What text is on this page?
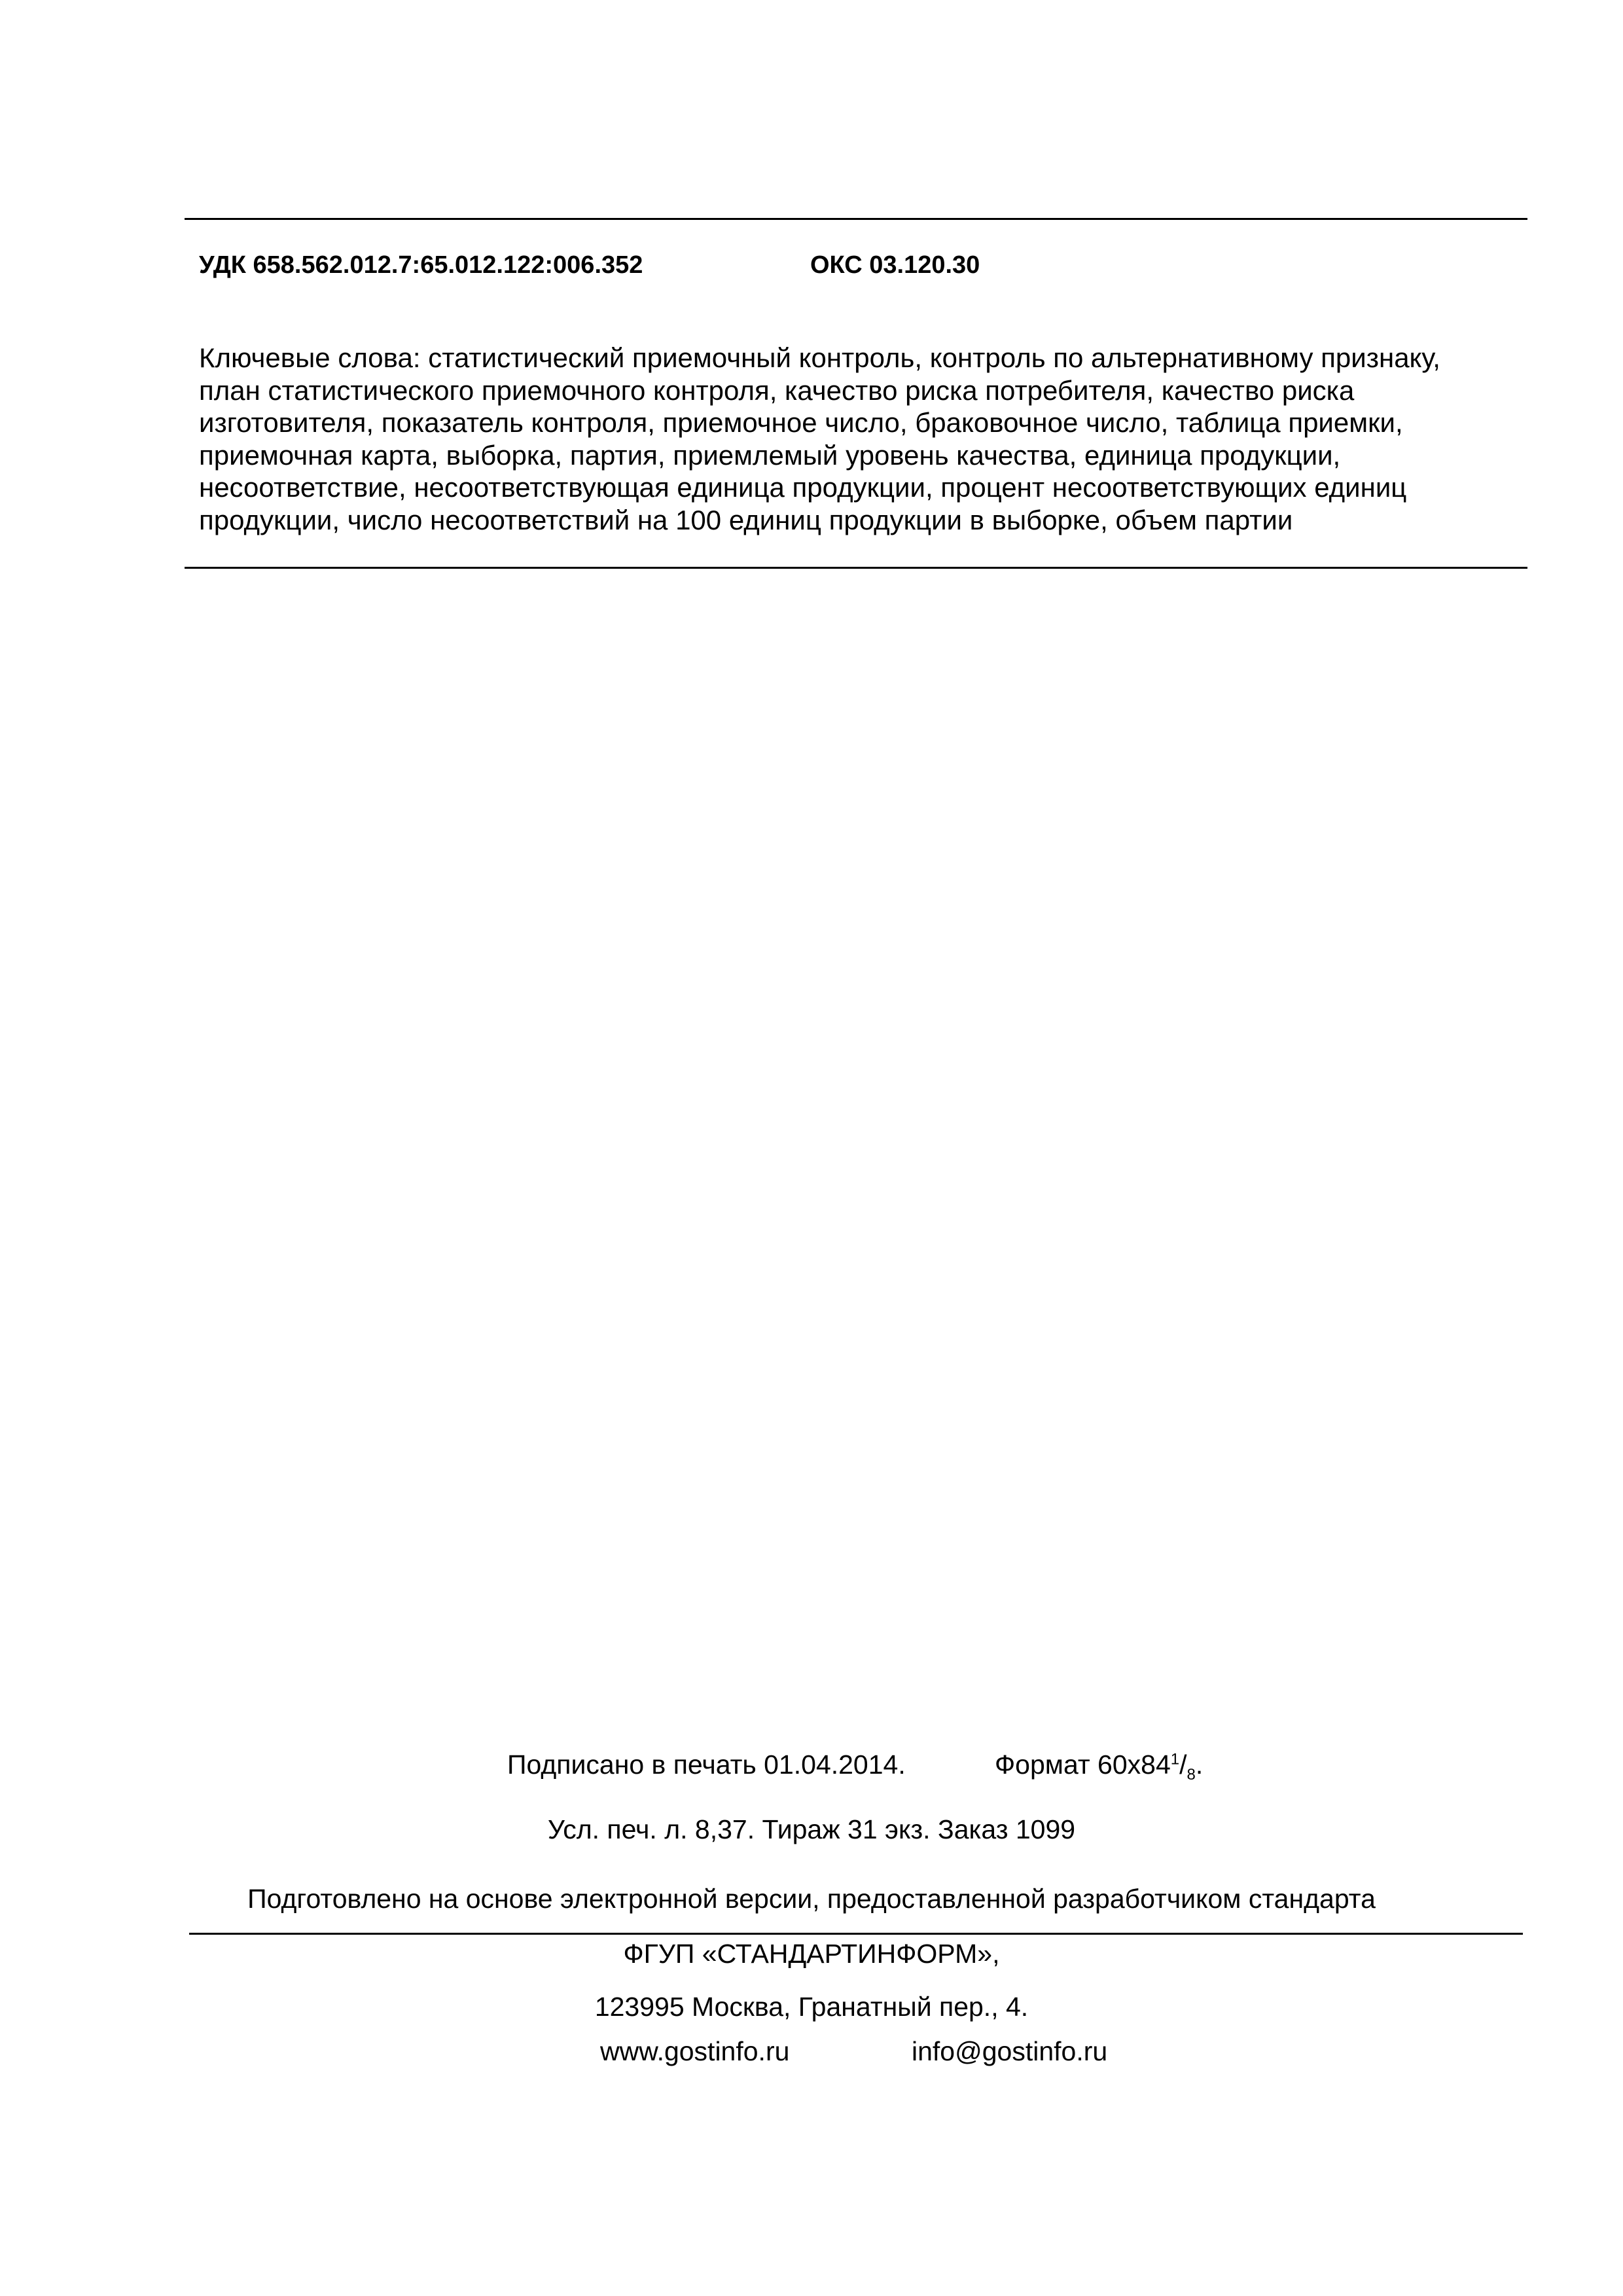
УДК 658.562.012.7:65.012.122:006.352	ОКС 03.120.30
Ключевые слова: статистический приемочный контроль, контроль по альтернативному признаку,
план статистического приемочного контроля, качество риска потребителя, качество риска
изготовителя, показатель контроля, приемочное число, браковочное число, таблица приемки,
приемочная карта, выборка, партия, приемлемый уровень качества, единица продукции,
несоответствие, несоответствующая единица продукции, процент несоответствующих единиц
продукции, число несоответствий на 100 единиц продукции в выборке, объем партии
Подписано в печать 01.04.2014.	Формат $60х84^1/_8$.
Усл. печ. л. 8,37. Тираж 31 экз. Заказ 1099
Подготовлено на основе электронной версии, предоставленной разработчиком стандарта
ФГУП «СТАНДАРТИНФОРМ»,
123995 Москва, Гранатный пер., 4.
www.gostinfo.ru	info@gostinfo.ru
